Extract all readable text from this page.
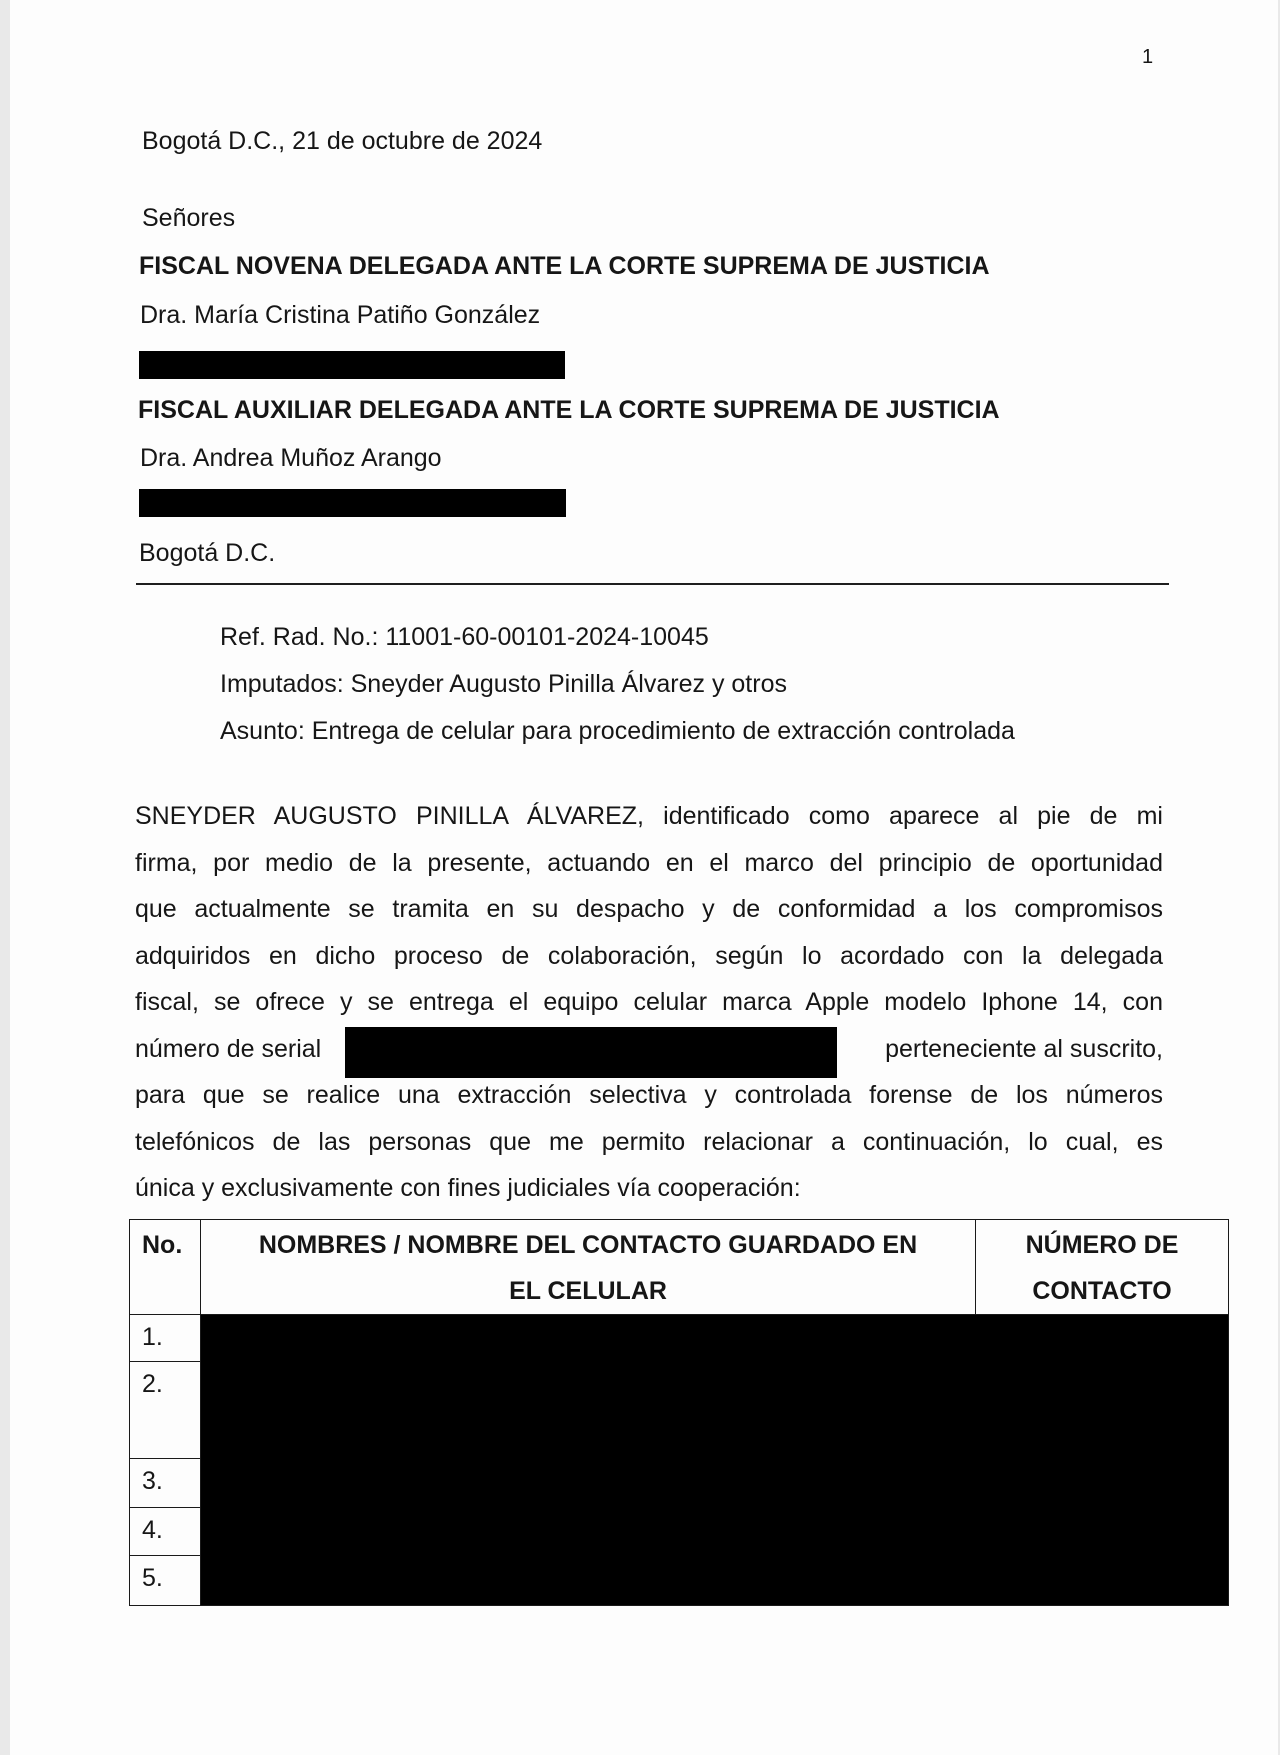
1
Bogotá D.C., 21 de octubre de 2024
Señores
FISCAL NOVENA DELEGADA ANTE LA CORTE SUPREMA DE JUSTICIA
Dra. María Cristina Patiño González
FISCAL AUXILIAR DELEGADA ANTE LA CORTE SUPREMA DE JUSTICIA
Dra. Andrea Muñoz Arango
Bogotá D.C.
Ref. Rad. No.: 11001-60-00101-2024-10045
Imputados: Sneyder Augusto Pinilla Álvarez y otros
Asunto: Entrega de celular para procedimiento de extracción controlada
SNEYDER AUGUSTO PINILLA ÁLVAREZ, identificado como aparece al pie de mi
firma, por medio de la presente, actuando en el marco del principio de oportunidad
que actualmente se tramita en su despacho y de conformidad a los compromisos
adquiridos en dicho proceso de colaboración, según lo acordado con la delegada
fiscal, se ofrece y se entrega el equipo celular marca Apple modelo Iphone 14, con
número de serial	perteneciente al suscrito,
para que se realice una extracción selectiva y controlada forense de los números
telefónicos de las personas que me permito relacionar a continuación, lo cual, es
única y exclusivamente con fines judiciales vía cooperación:
No.	NOMBRES / NOMBRE DEL CONTACTO GUARDADO EN EL CELULAR	NÚMERO DE CONTACTO
1.		
2.		
3.		
4.		
5.		
